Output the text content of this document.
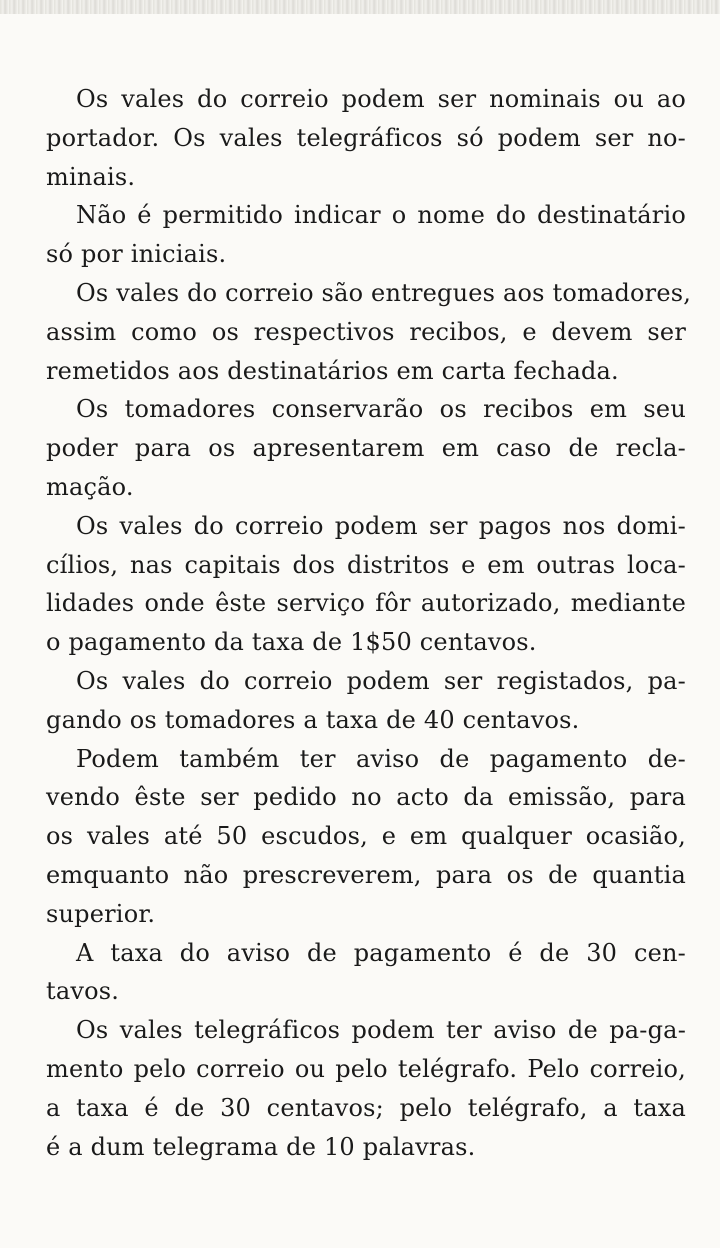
Os vales do correio podem ser nominais ou ao
portador. Os vales telegráficos só podem ser no-
minais.
Não é permitido indicar o nome do destinatário
só por iniciais.
Os vales do correio são entregues aos tomadores,
assim como os respectivos recibos, e devem ser
remetidos aos destinatários em carta fechada.
Os tomadores conservarão os recibos em seu
poder para os apresentarem em caso de recla-
mação.
Os vales do correio podem ser pagos nos domi-
cílios, nas capitais dos distritos e em outras loca-
lidades onde êste serviço fôr autorizado, mediante
o pagamento da taxa de 1$50 centavos.
Os vales do correio podem ser registados, pa-
gando os tomadores a taxa de 40 centavos.
Podem também ter aviso de pagamento de-
vendo êste ser pedido no acto da emissão, para
os vales até 50 escudos, e em qualquer ocasião,
emquanto não prescreverem, para os de quantia
superior.
A taxa do aviso de pagamento é de 30 cen-
tavos.
Os vales telegráficos podem ter aviso de pa-ga-
mento pelo correio ou pelo telégrafo. Pelo correio,
a taxa é de 30 centavos; pelo telégrafo, a taxa
é a dum telegrama de 10 palavras.
